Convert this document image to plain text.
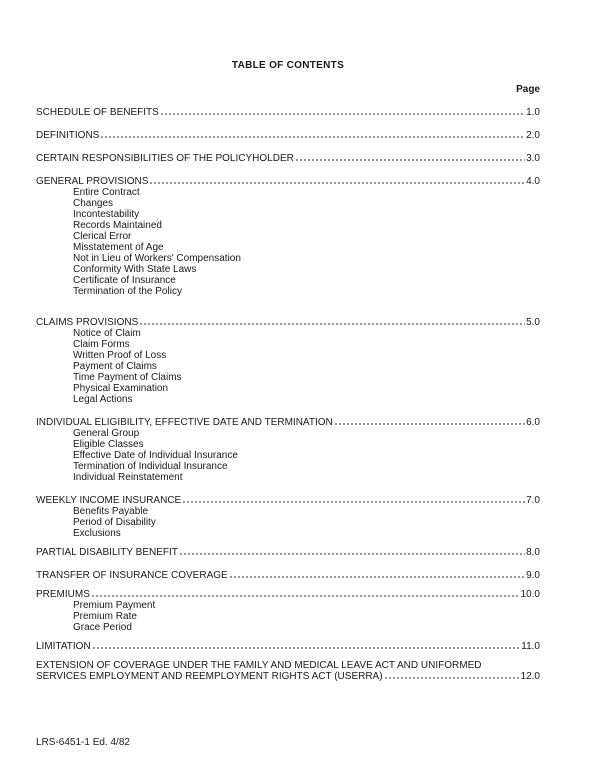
TABLE OF CONTENTS
Page
SCHEDULE OF BENEFITS	1.0
DEFINITIONS	2.0
CERTAIN RESPONSIBILITIES OF THE POLICYHOLDER	3.0
GENERAL PROVISIONS	4.0
Entire Contract
Changes
Incontestability
Records Maintained
Clerical Error
Misstatement of Age
Not in Lieu of Workers' Compensation
Conformity With State Laws
Certificate of Insurance
Termination of the Policy
CLAIMS PROVISIONS	5.0
Notice of Claim
Claim Forms
Written Proof of Loss
Payment of Claims
Time Payment of Claims
Physical Examination
Legal Actions
INDIVIDUAL ELIGIBILITY, EFFECTIVE DATE AND TERMINATION	6.0
General Group
Eligible Classes
Effective Date of Individual Insurance
Termination of Individual Insurance
Individual Reinstatement
WEEKLY INCOME INSURANCE	7.0
Benefits Payable
Period of Disability
Exclusions
PARTIAL DISABILITY BENEFIT	8.0
TRANSFER OF INSURANCE COVERAGE	9.0
PREMIUMS	10.0
Premium Payment
Premium Rate
Grace Period
LIMITATION	11.0
EXTENSION OF COVERAGE UNDER THE FAMILY AND MEDICAL LEAVE ACT AND UNIFORMED
SERVICES EMPLOYMENT AND REEMPLOYMENT RIGHTS ACT (USERRA)	12.0
LRS-6451-1 Ed. 4/82
